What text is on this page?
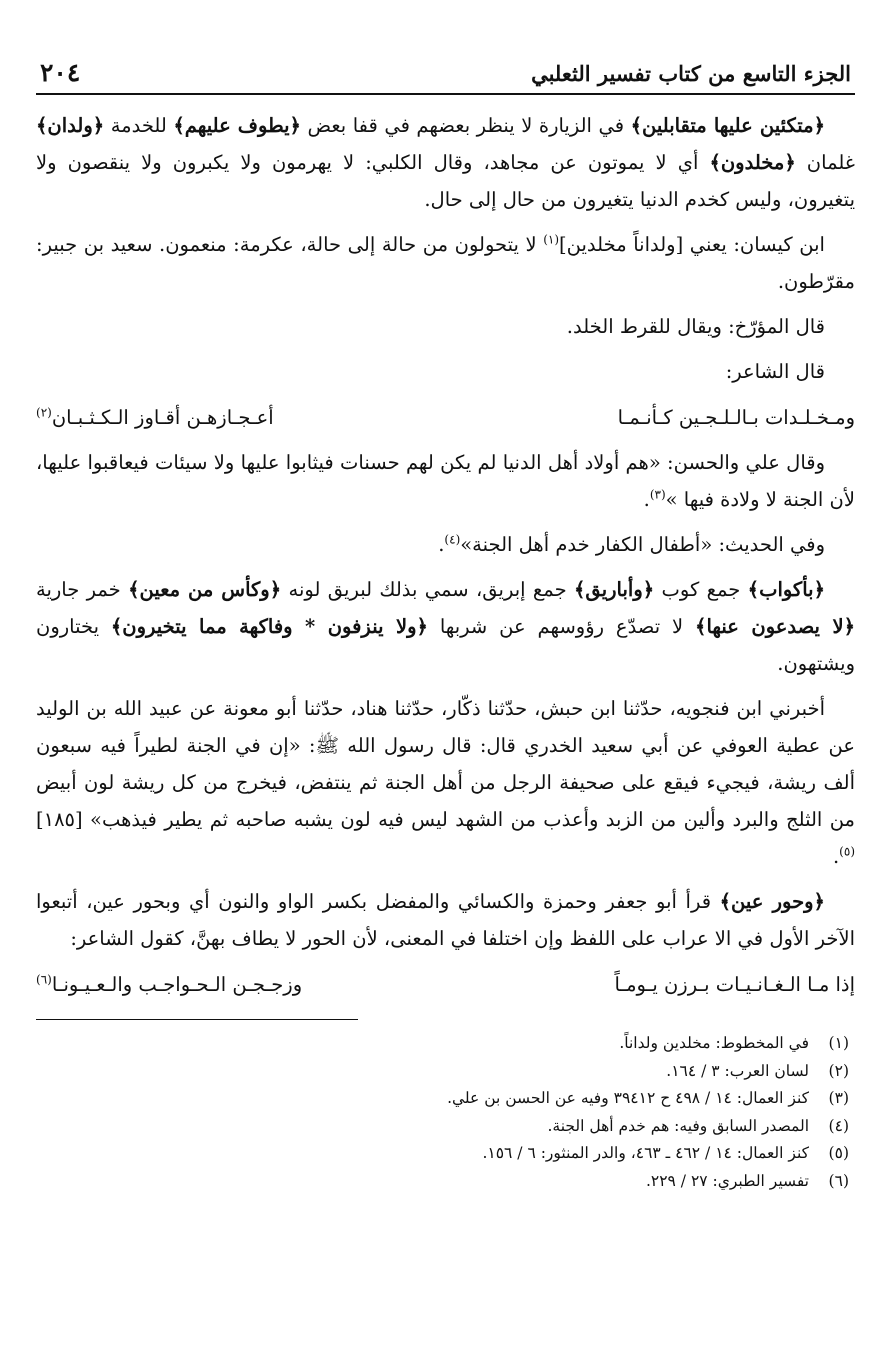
الجزء التاسع من كتاب تفسير الثعلبي
٢٠٤

﴿متكئين عليها متقابلين﴾ في الزيارة لا ينظر بعضهم في قفا بعض ﴿يطوف عليهم﴾ للخدمة ﴿ولدان﴾ غلمان ﴿مخلدون﴾ أي لا يموتون عن مجاهد، وقال الكلبي: لا يهرمون ولا يكبرون ولا ينقصون ولا يتغيرون، وليس كخدم الدنيا يتغيرون من حال إلى حال.

ابن كيسان: يعني [ولداناً مخلدين]$^{(١)}$ لا يتحولون من حالة إلى حالة، عكرمة: منعمون. سعيد بن جبير: مقرّطون.

قال المؤرّخ: ويقال للقرط الخلد.

قال الشاعر:

ومـخـلـدات بـالـلـجـين كـأنـمـا
أعـجـازهـن أقـاوز الـكـثـبـان$^{(٢)}$

وقال علي والحسن: «هم أولاد أهل الدنيا لم يكن لهم حسنات فيثابوا عليها ولا سيئات فيعاقبوا عليها، لأن الجنة لا ولادة فيها »$^{(٣)}$.

وفي الحديث: «أطفال الكفار خدم أهل الجنة»$^{(٤)}$.

﴿بأكواب﴾ جمع كوب ﴿وأباريق﴾ جمع إبريق، سمي بذلك لبريق لونه ﴿وكأس من معين﴾ خمر جارية ﴿لا يصدعون عنها﴾ لا تصدّع رؤوسهم عن شربها ﴿ولا ينزفون * وفاكهة مما يتخيرون﴾ يختارون ويشتهون.

أخبرني ابن فنجويه، حدّثنا ابن حبش، حدّثنا ذكّار، حدّثنا هناد، حدّثنا أبو معونة عن عبيد الله بن الوليد عن عطية العوفي عن أبي سعيد الخدري قال: قال رسول الله ﷺ: «إن في الجنة لطيراً فيه سبعون ألف ريشة، فيجيء فيقع على صحيفة الرجل من أهل الجنة ثم ينتفض، فيخرج من كل ريشة لون أبيض من الثلج والبرد وألين من الزبد وأعذب من الشهد ليس فيه لون يشبه صاحبه ثم يطير فيذهب» [١٨٥]$^{(٥)}$.

﴿وحور عين﴾ قرأ أبو جعفر وحمزة والكسائي والمفضل بكسر الواو والنون أي وبحور عين، أتبعوا الآخر الأول في الا عراب على اللفظ وإن اختلفا في المعنى، لأن الحور لا يطاف بهنَّ، كقول الشاعر:

إذا مـا الـغـانـيـات بـرزن يـومـاً
وزجـجـن الـحـواجـب والـعـيـونـا$^{(٦)}$
(١)
في المخطوط: مخلدين ولداناً.
(٢)
لسان العرب: ٣ / ١٦٤.
(٣)
كنز العمال: ١٤ / ٤٩٨ ح ٣٩٤١٢ وفيه عن الحسن بن علي.
(٤)
المصدر السابق وفيه: هم خدم أهل الجنة.
(٥)
كنز العمال: ١٤ / ٤٦٢ ـ ٤٦٣، والدر المنثور: ٦ / ١٥٦.
(٦)
تفسير الطبري: ٢٧ / ٢٢٩.
